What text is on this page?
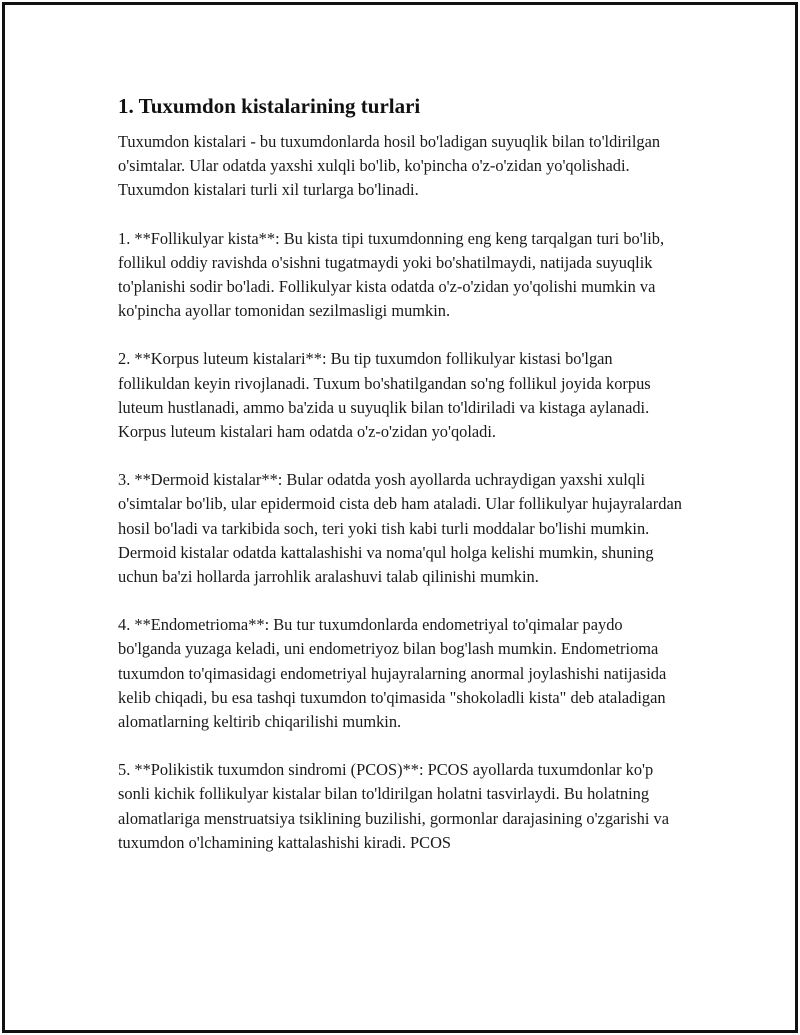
1. Tuxumdon kistalarining turlari

Tuxumdon kistalari - bu tuxumdonlarda hosil bo'ladigan suyuqlik bilan to'ldirilgan o'simtalar. Ular odatda yaxshi xulqli bo'lib, ko'pincha o'z-o'zidan yo'qolishadi. Tuxumdon kistalari turli xil turlarga bo'linadi.

1. **Follikulyar kista**: Bu kista tipi tuxumdonning eng keng tarqalgan turi bo'lib, follikul oddiy ravishda o'sishni tugatmaydi yoki bo'shatilmaydi, natijada suyuqlik to'planishi sodir bo'ladi. Follikulyar kista odatda o'z-o'zidan yo'qolishi mumkin va ko'pincha ayollar tomonidan sezilmasligi mumkin.

2. **Korpus luteum kistalari**: Bu tip tuxumdon follikulyar kistasi bo'lgan follikuldan keyin rivojlanadi. Tuxum bo'shatilgandan so'ng follikul joyida korpus luteum hustlanadi, ammo ba'zida u suyuqlik bilan to'ldiriladi va kistaga aylanadi. Korpus luteum kistalari ham odatda o'z-o'zidan yo'qoladi.

3. **Dermoid kistalar**: Bular odatda yosh ayollarda uchraydigan yaxshi xulqli o'simtalar bo'lib, ular epidermoid cista deb ham ataladi. Ular follikulyar hujayralardan hosil bo'ladi va tarkibida soch, teri yoki tish kabi turli moddalar bo'lishi mumkin. Dermoid kistalar odatda kattalashishi va noma'qul holga kelishi mumkin, shuning uchun ba'zi hollarda jarrohlik aralashuvi talab qilinishi mumkin.

4. **Endometrioma**: Bu tur tuxumdonlarda endometriyal to'qimalar paydo bo'lganda yuzaga keladi, uni endometriyoz bilan bog'lash mumkin. Endometrioma tuxumdon to'qimasidagi endometriyal hujayralarning anormal joylashishi natijasida kelib chiqadi, bu esa tashqi tuxumdon to'qimasida "shokoladli kista" deb ataladigan alomatlarning keltirib chiqarilishi mumkin.

5. **Polikistik tuxumdon sindromi (PCOS)**: PCOS ayollarda tuxumdonlar ko'p sonli kichik follikulyar kistalar bilan to'ldirilgan holatni tasvirlaydi. Bu holatning alomatlariga menstruatsiya tsiklining buzilishi, gormonlar darajasining o'zgarishi va tuxumdon o'lchamining kattalashishi kiradi. PCOS
